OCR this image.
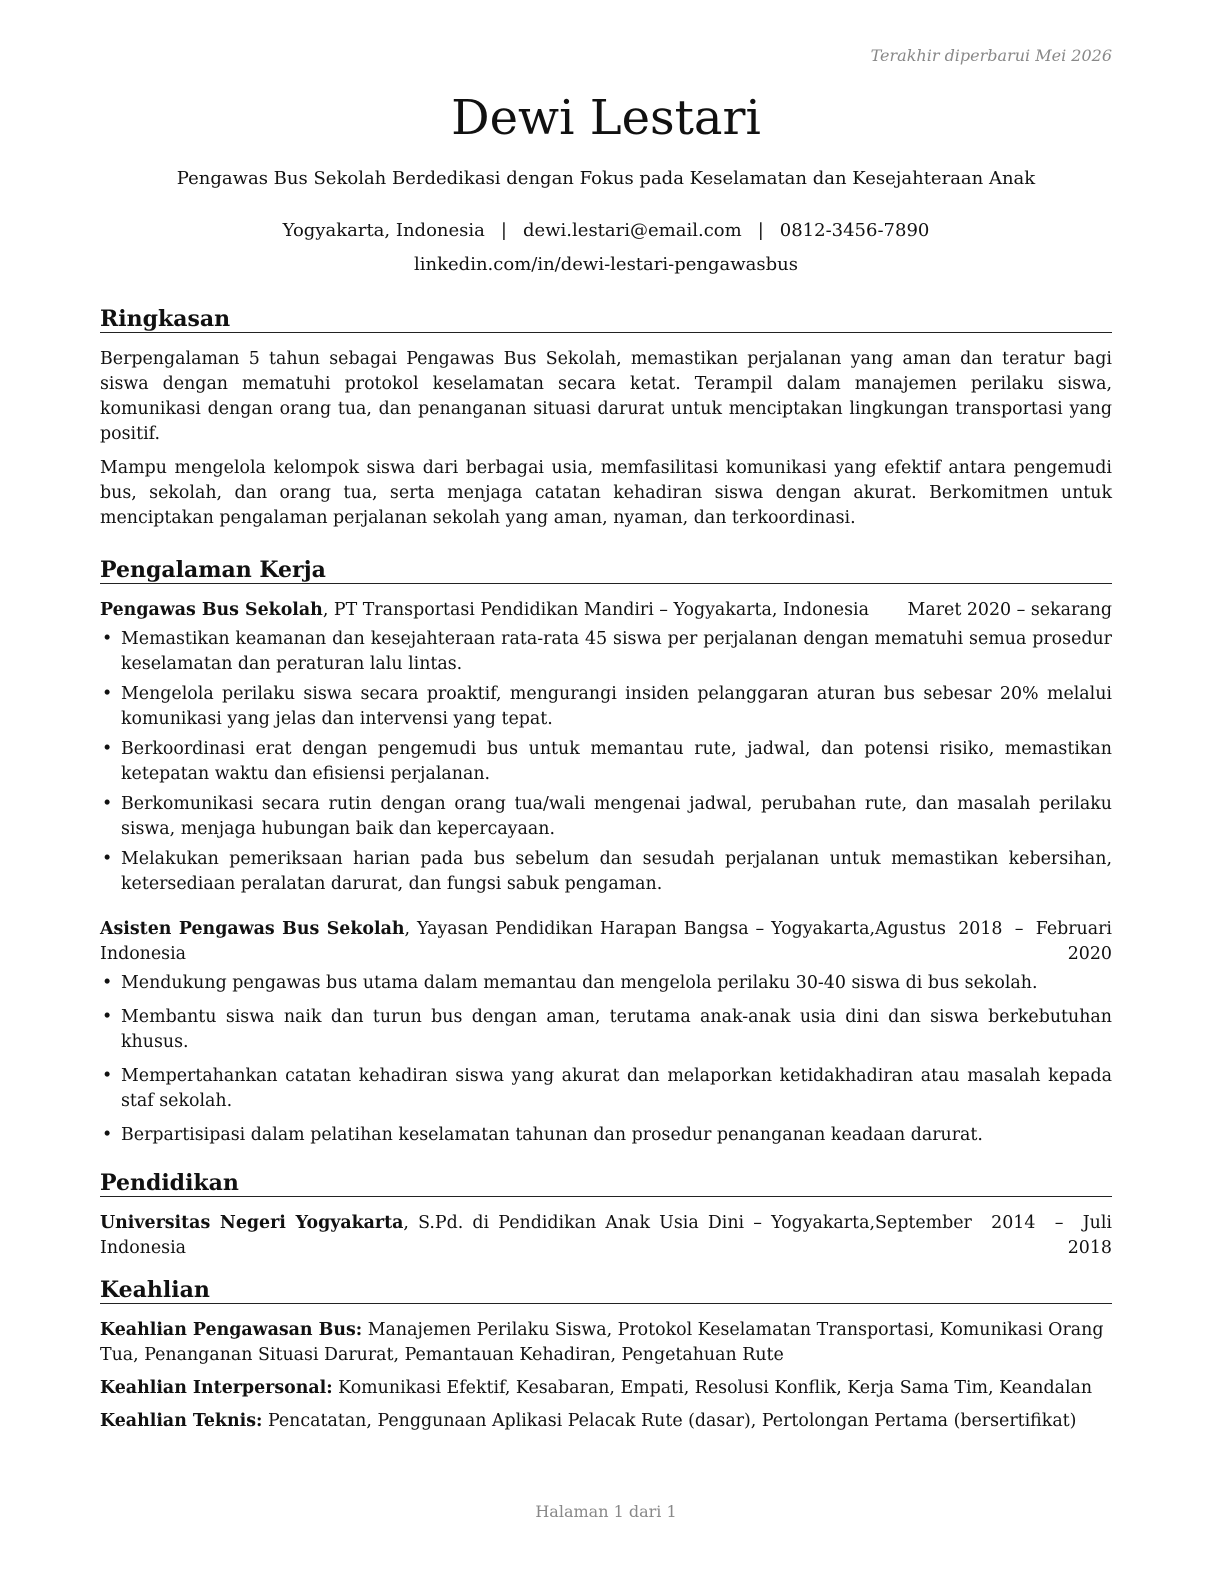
Terakhir diperbarui Mei 2026
Dewi Lestari
Pengawas Bus Sekolah Berdedikasi dengan Fokus pada Keselamatan dan Kesejahteraan Anak
Yogyakarta, Indonesia | dewi.lestari@email.com | 0812-3456-7890
linkedin.com/in/dewi-lestari-pengawasbus
Ringkasan

Berpengalaman 5 tahun sebagai Pengawas Bus Sekolah, memastikan perjalanan yang aman dan teratur bagi siswa dengan mematuhi protokol keselamatan secara ketat. Terampil dalam manajemen perilaku siswa, komunikasi dengan orang tua, dan penanganan situasi darurat untuk menciptakan lingkungan transportasi yang positif.

Mampu mengelola kelompok siswa dari berbagai usia, memfasilitasi komunikasi yang efektif antara pengemudi bus, sekolah, dan orang tua, serta menjaga catatan kehadiran siswa dengan akurat. Berkomitmen untuk menciptakan pengalaman perjalanan sekolah yang aman, nyaman, dan terkoordinasi.

Pengalaman Kerja
Pengawas Bus Sekolah, PT Transportasi Pendidikan Mandiri – Yogyakarta, Indonesia	Maret 2020 – sekarang
• Memastikan keamanan dan kesejahteraan rata-rata 45 siswa per perjalanan dengan mematuhi semua prosedur keselamatan dan peraturan lalu lintas.
• Mengelola perilaku siswa secara proaktif, mengurangi insiden pelanggaran aturan bus sebesar 20% melalui komunikasi yang jelas dan intervensi yang tepat.
• Berkoordinasi erat dengan pengemudi bus untuk memantau rute, jadwal, dan potensi risiko, memastikan ketepatan waktu dan efisiensi perjalanan.
• Berkomunikasi secara rutin dengan orang tua/wali mengenai jadwal, perubahan rute, dan masalah perilaku siswa, menjaga hubungan baik dan kepercayaan.
• Melakukan pemeriksaan harian pada bus sebelum dan sesudah perjalanan untuk memastikan kebersihan, ketersediaan peralatan darurat, dan fungsi sabuk pengaman.
Asisten Pengawas Bus Sekolah, Yayasan Pendidikan Harapan Bangsa – Yogyakarta, Indonesia
Agustus 2018 – Februari 2020
• Mendukung pengawas bus utama dalam memantau dan mengelola perilaku 30-40 siswa di bus sekolah.
• Membantu siswa naik dan turun bus dengan aman, terutama anak-anak usia dini dan siswa berkebutuhan khusus.
• Mempertahankan catatan kehadiran siswa yang akurat dan melaporkan ketidakhadiran atau masalah kepada staf sekolah.
• Berpartisipasi dalam pelatihan keselamatan tahunan dan prosedur penanganan keadaan darurat.
Pendidikan
Universitas Negeri Yogyakarta, S.Pd. di Pendidikan Anak Usia Dini – Yogyakarta, Indonesia
September 2014 – Juli 2018
Keahlian

Keahlian Pengawasan Bus: Manajemen Perilaku Siswa, Protokol Keselamatan Transportasi, Komunikasi Orang Tua, Penanganan Situasi Darurat, Pemantauan Kehadiran, Pengetahuan Rute

Keahlian Interpersonal: Komunikasi Efektif, Kesabaran, Empati, Resolusi Konflik, Kerja Sama Tim, Keandalan

Keahlian Teknis: Pencatatan, Penggunaan Aplikasi Pelacak Rute (dasar), Pertolongan Pertama (bersertifikat)

Halaman 1 dari 1
